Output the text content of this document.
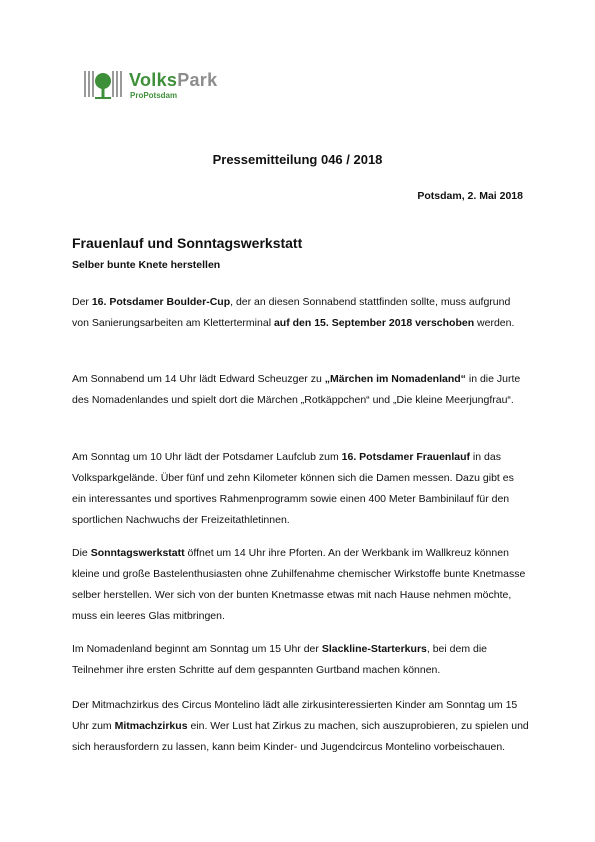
VolksPark
ProPotsdam
Pressemitteilung 046 / 2018
Potsdam, 2. Mai 2018
Frauenlauf und Sonntagswerkstatt
Selber bunte Knete herstellen
Der 16. Potsdamer Boulder-Cup, der an diesen Sonnabend stattfinden sollte, muss aufgrund von Sanierungsarbeiten am Kletterterminal auf den 15. September 2018 verschoben werden.
Am Sonnabend um 14 Uhr lädt Edward Scheuzger zu „Märchen im Nomadenland“ in die Jurte des Nomadenlandes und spielt dort die Märchen „Rotkäppchen“ und „Die kleine Meerjungfrau“.
Am Sonntag um 10 Uhr lädt der Potsdamer Laufclub zum 16. Potsdamer Frauenlauf in das Volksparkgelände. Über fünf und zehn Kilometer können sich die Damen messen. Dazu gibt es ein interessantes und sportives Rahmenprogramm sowie einen 400 Meter Bambinilauf für den sportlichen Nachwuchs der Freizeitathletinnen.
Die Sonntagswerkstatt öffnet um 14 Uhr ihre Pforten. An der Werkbank im Wallkreuz können kleine und große Bastelenthusiasten ohne Zuhilfenahme chemischer Wirkstoffe bunte Knetmasse selber herstellen. Wer sich von der bunten Knetmasse etwas mit nach Hause nehmen möchte, muss ein leeres Glas mitbringen.
Im Nomadenland beginnt am Sonntag um 15 Uhr der Slackline-Starterkurs, bei dem die Teilnehmer ihre ersten Schritte auf dem gespannten Gurtband machen können.
Der Mitmachzirkus des Circus Montelino lädt alle zirkusinteressierten Kinder am Sonntag um 15 Uhr zum Mitmachzirkus ein. Wer Lust hat Zirkus zu machen, sich auszuprobieren, zu spielen und sich herausfordern zu lassen, kann beim Kinder- und Jugendcircus Montelino vorbeischauen.
